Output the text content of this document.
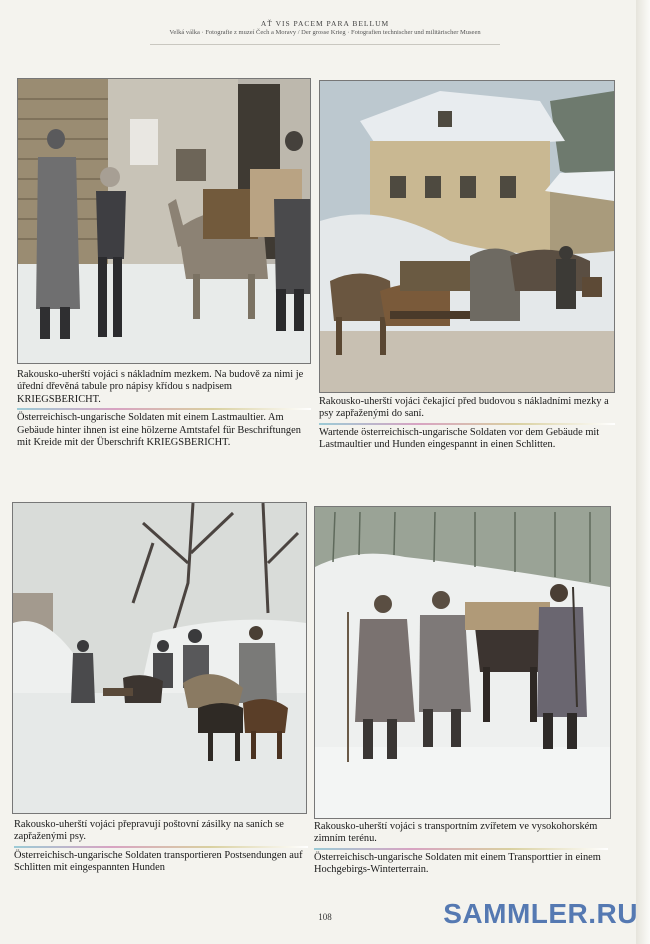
AŤ VIS PACEM PARA BELLUM
Velká válka · Fotografie z muzeí Čech a Moravy / Der grosse Krieg · Fotografien technischer und militärischer Museen

Rakousko-uherští vojáci s nákladním mezkem. Na budově za nimi je úřední dřevěná tabule pro nápisy křídou s nadpisem KRIEGSBERICHT.

Österreichisch-ungarische Soldaten mit einem Lastmaultier. Am Gebäude hinter ihnen ist eine hölzerne Amtstafel für Beschriftungen mit Kreide mit der Überschrift KRIEGSBERICHT.

Rakousko-uherští vojáci čekající před budovou s nákladními mezky a psy zapřaženými do saní.

Wartende österreichisch-ungarische Soldaten vor dem Gebäude mit Lastmaultier und Hunden eingespannt in einen Schlitten.

Rakousko-uherští vojáci přepravují poštovní zásilky na saních se zapřaženými psy.

Österreichisch-ungarische Soldaten transportieren Postsendungen auf Schlitten mit eingespannten Hunden

Rakousko-uherští vojáci s transportním zvířetem ve vysokohorském zimním terénu.

Österreichisch-ungarische Soldaten mit einem Transporttier in einem Hochgebirgs-Winterterrain.

108	SAMMLER.RU
